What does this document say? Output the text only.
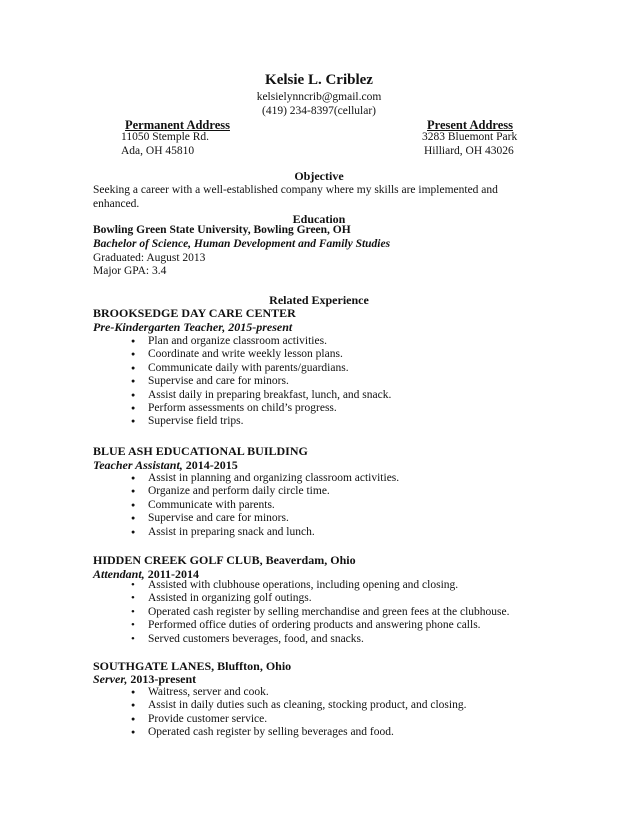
Kelsie L. Criblez
kelsielynncrib@gmail.com
(419) 234-8397(cellular)
Permanent Address
11050 Stemple Rd.
Ada, OH 45810
Present Address
3283 Bluemont Park
Hilliard, OH 43026
Objective
Seeking a career with a well-established company where my skills are implemented and
enhanced.
Education
Bowling Green State University, Bowling Green, OH
Bachelor of Science, Human Development and Family Studies
Graduated: August 2013
Major GPA: 3.4
Related Experience
BROOKSEDGE DAY CARE CENTER
Pre-Kindergarten Teacher, 2015-present
● Plan and organize classroom activities.
● Coordinate and write weekly lesson plans.
● Communicate daily with parents/guardians.
● Supervise and care for minors.
● Assist daily in preparing breakfast, lunch, and snack.
● Perform assessments on child’s progress.
● Supervise field trips.
BLUE ASH EDUCATIONAL BUILDING
Teacher Assistant, 2014-2015
● Assist in planning and organizing classroom activities.
● Organize and perform daily circle time.
● Communicate with parents.
● Supervise and care for minors.
● Assist in preparing snack and lunch.
HIDDEN CREEK GOLF CLUB, Beaverdam, Ohio
Attendant, 2011-2014
• Assisted with clubhouse operations, including opening and closing.
• Assisted in organizing golf outings.
• Operated cash register by selling merchandise and green fees at the clubhouse.
• Performed office duties of ordering products and answering phone calls.
• Served customers beverages, food, and snacks.
SOUTHGATE LANES, Bluffton, Ohio
Server, 2013-present
● Waitress, server and cook.
● Assist in daily duties such as cleaning, stocking product, and closing.
● Provide customer service.
● Operated cash register by selling beverages and food.
